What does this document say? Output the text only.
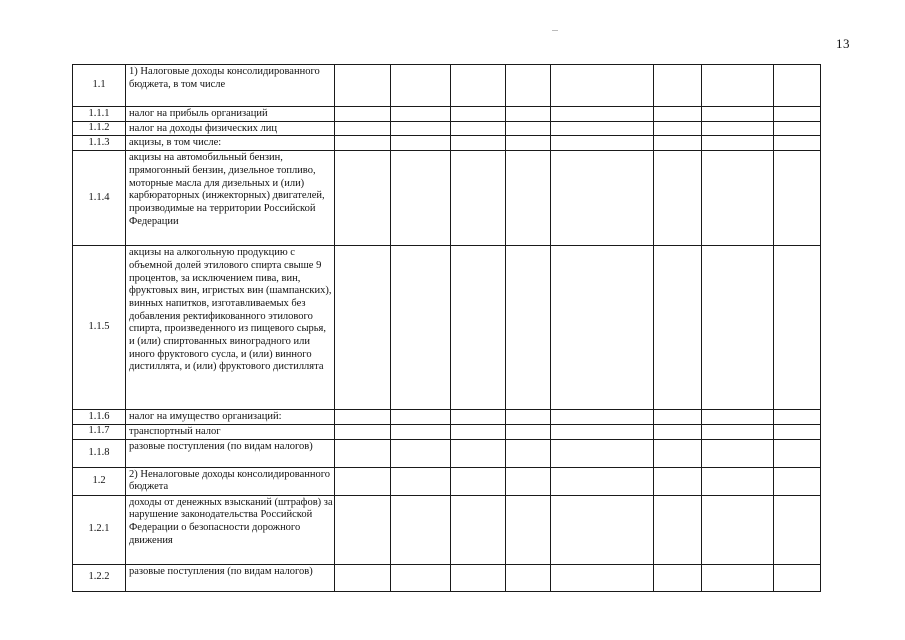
13
1.1	1) Налоговые доходы консолидированного бюджета, в том числе								
1.1.1	налог на прибыль организаций								
1.1.2	налог на доходы физических лиц								
1.1.3	акцизы, в том числе:								
1.1.4	акцизы на автомобильный бензин, прямогонный бензин, дизельное топливо, моторные масла для дизельных и (или) карбюраторных (инжекторных) двигателей, производимые на территории Российской Федерации								
1.1.5	акцизы на алкогольную продукцию с объемной долей этилового спирта свыше 9 процентов, за исключением пива, вин, фруктовых вин, игристых вин (шампанских), винных напитков, изготавливаемых без добавления ректификованного этилового спирта, произведенного из пищевого сырья, и (или) спиртованных виноградного или иного фруктового сусла, и (или) винного дистиллята, и (или) фруктового дистиллята								
1.1.6	налог на имущество организаций:								
1.1.7	транспортный налог								
1.1.8	разовые поступления (по видам налогов)								
1.2	2) Неналоговые доходы консолидированного бюджета								
1.2.1	доходы от денежных взысканий (штрафов) за нарушение законодательства Российской Федерации о безопасности дорожного движения								
1.2.2	разовые поступления (по видам налогов)								
